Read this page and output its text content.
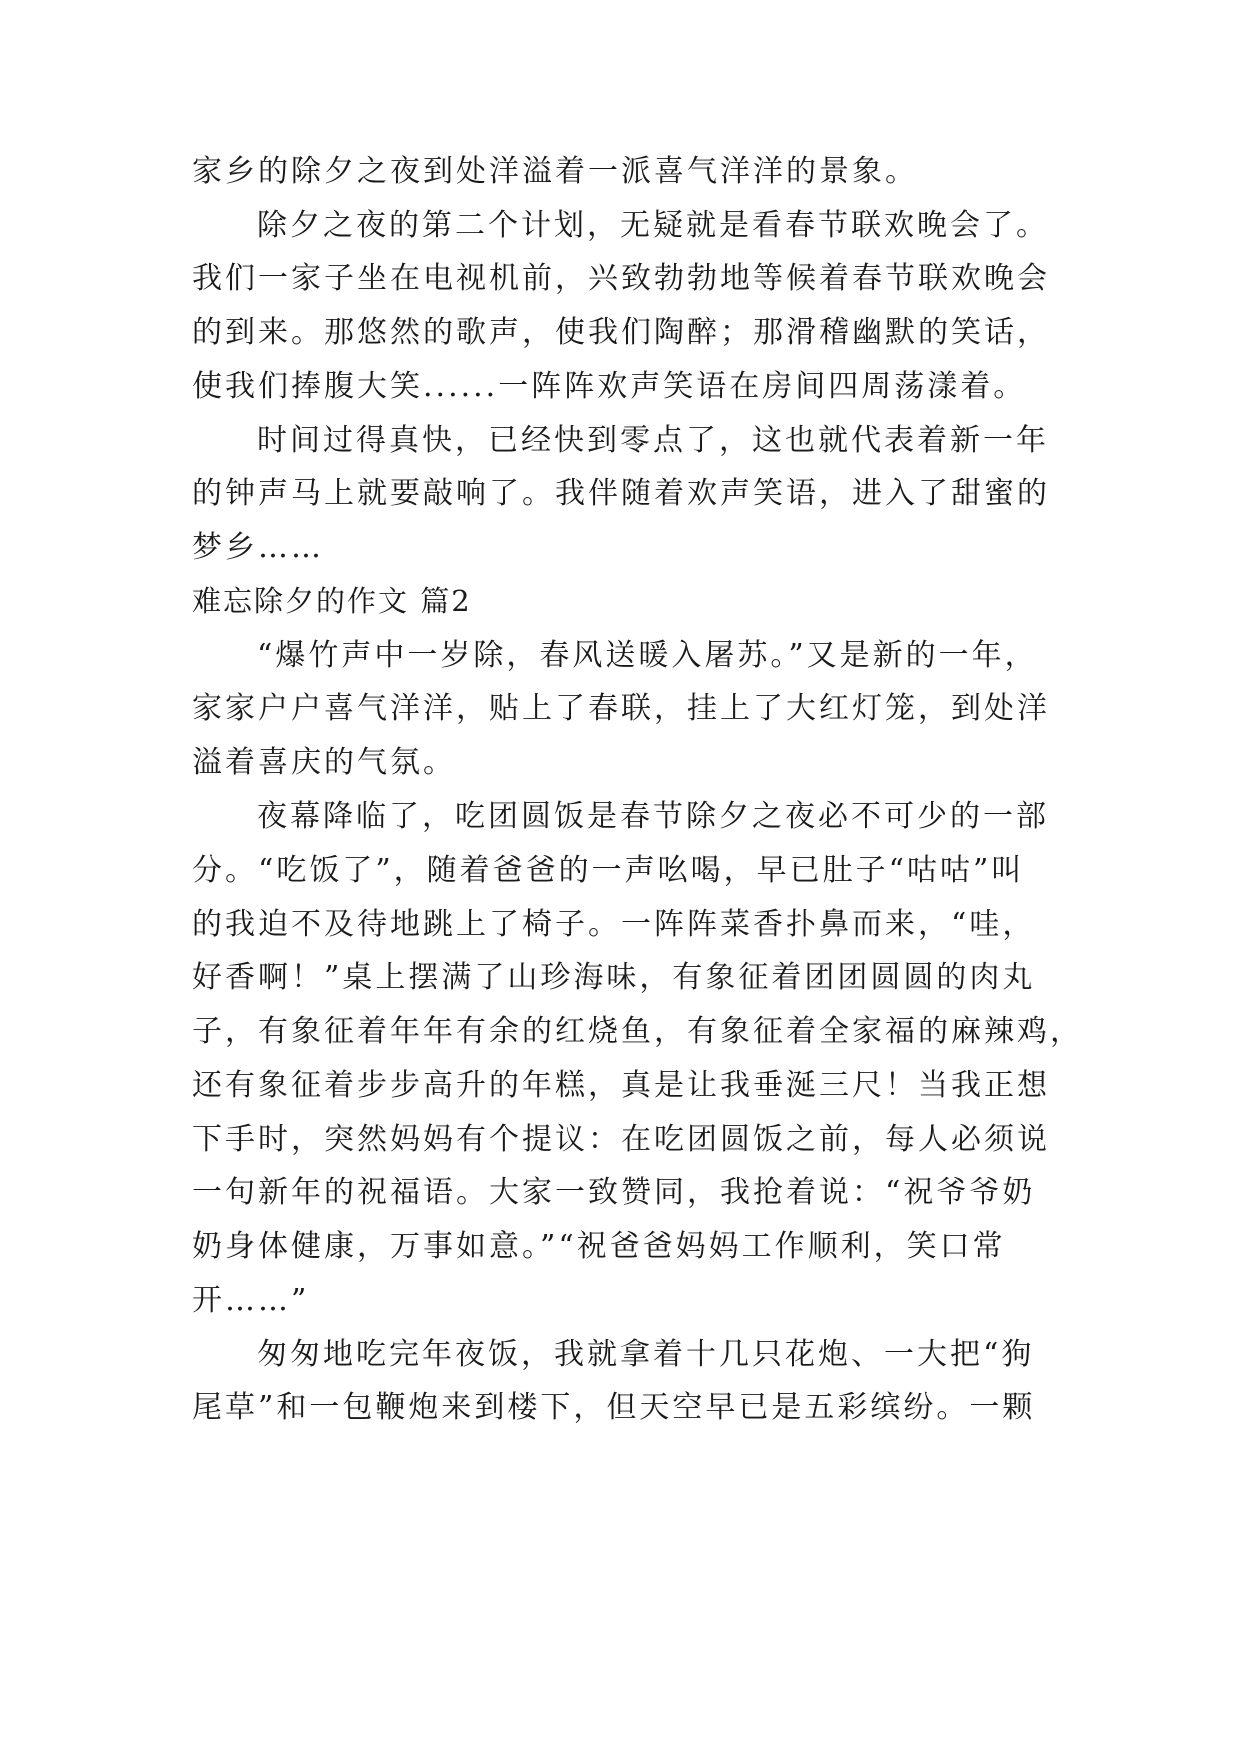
家乡的除夕之夜到处洋溢着一派喜气洋洋的景象。
除夕之夜的第二个计划，无疑就是看春节联欢晚会了。
我们一家子坐在电视机前，兴致勃勃地等候着春节联欢晚会
的到来。那悠然的歌声，使我们陶醉；那滑稽幽默的笑话，
使我们捧腹大笑......一阵阵欢声笑语在房间四周荡漾着。
时间过得真快，已经快到零点了，这也就代表着新一年
的钟声马上就要敲响了。我伴随着欢声笑语，进入了甜蜜的
梦乡……
难忘除夕的作文 篇2
“爆竹声中一岁除，春风送暖入屠苏。”又是新的一年，
家家户户喜气洋洋，贴上了春联，挂上了大红灯笼，到处洋
溢着喜庆的气氛。
夜幕降临了，吃团圆饭是春节除夕之夜必不可少的一部
分。“吃饭了”，随着爸爸的一声吆喝，早已肚子“咕咕”叫
的我迫不及待地跳上了椅子。一阵阵菜香扑鼻而来，“哇，
好香啊！”桌上摆满了山珍海味，有象征着团团圆圆的肉丸
子，有象征着年年有余的红烧鱼，有象征着全家福的麻辣鸡，
还有象征着步步高升的年糕，真是让我垂涎三尺！当我正想
下手时，突然妈妈有个提议：在吃团圆饭之前，每人必须说
一句新年的祝福语。大家一致赞同，我抢着说：“祝爷爷奶
奶身体健康，万事如意。”“祝爸爸妈妈工作顺利，笑口常
开……”
匆匆地吃完年夜饭，我就拿着十几只花炮、一大把“狗
尾草”和一包鞭炮来到楼下，但天空早已是五彩缤纷。一颗
